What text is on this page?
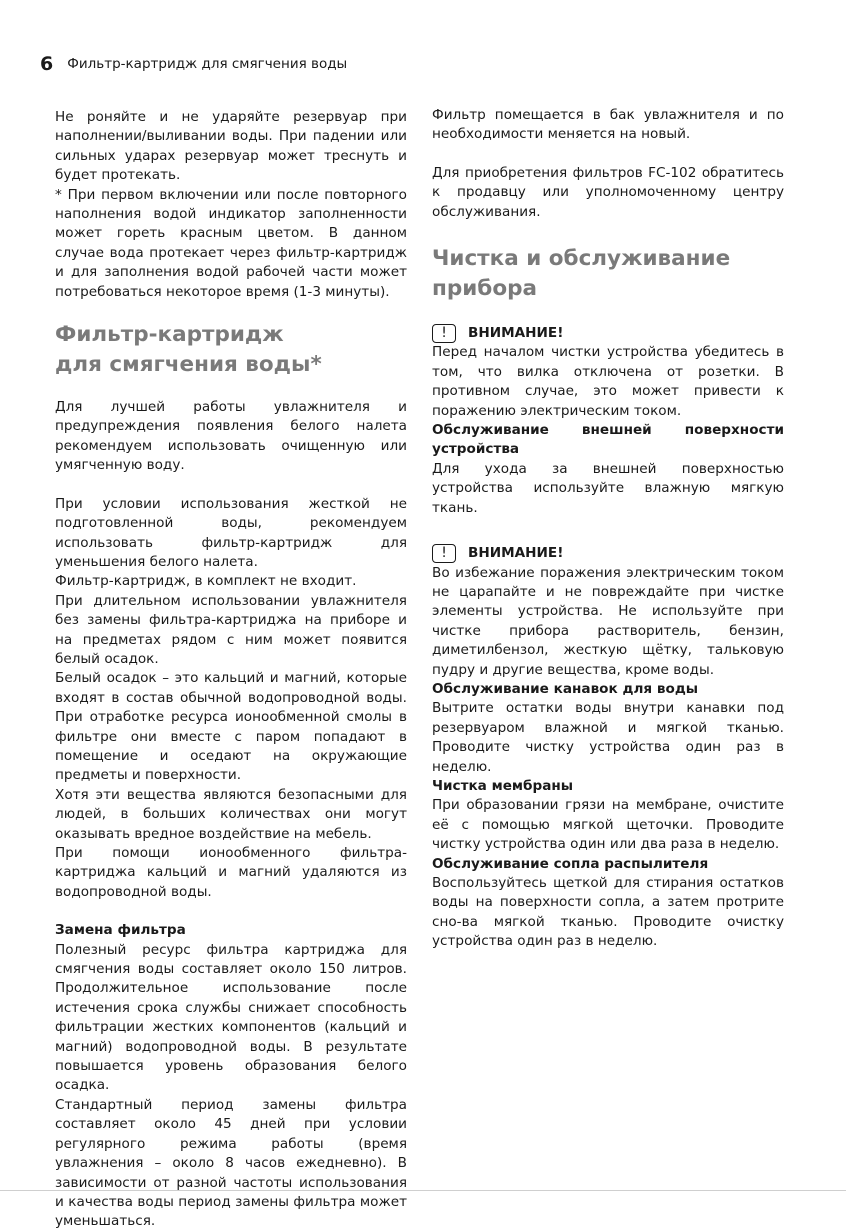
6 Фильтр-картридж для смягчения воды

Не роняйте и не ударяйте резервуар при наполнении/выливании воды. При падении или сильных ударах резервуар может треснуть и будет протекать.

* При первом включении или после повторного наполнения водой индикатор заполненности может гореть красным цветом. В данном случае вода протекает через фильтр-картридж и для заполнения водой рабочей части может потребоваться некоторое время (1-3 минуты).

Фильтр-картридж
для смягчения воды*

Для лучшей работы увлажнителя и предупреждения появления белого налета рекомендуем использовать очищенную или умягченную воду.

При условии использования жесткой не подготовленной воды, рекомендуем использовать фильтр-картридж для уменьшения белого налета.

Фильтр-картридж, в комплект не входит.

При длительном использовании увлажнителя без замены фильтра-картриджа на приборе и на предметах рядом с ним может появится белый осадок.

Белый осадок – это кальций и магний, которые входят в состав обычной водопроводной воды. При отработке ресурса ионообменной смолы в фильтре они вместе с паром попадают в помещение и оседают на окружающие предметы и поверхности.

Хотя эти вещества являются безопасными для людей, в больших количествах они могут оказывать вредное воздействие на мебель.

При помощи ионообменного фильтра-картриджа кальций и магний удаляются из водопроводной воды.

Замена фильтра

Полезный ресурс фильтра картриджа для смягчения воды составляет около 150 литров. Продолжительное использование после истечения срока службы снижает способность фильтрации жестких компонентов (кальций и магний) водопроводной воды. В результате повышается уровень образования белого осадка.

Стандартный период замены фильтра составляет около 45 дней при условии регулярного режима работы (время увлажнения – около 8 часов ежедневно). В зависимости от разной частоты использования и качества воды период замены фильтра может уменьшаться.

Фильтр помещается в бак увлажнителя и по необходимости меняется на новый.

Для приобретения фильтров FC-102 обратитесь к продавцу или уполномоченному центру обслуживания.

Чистка и обслуживание прибора
!	ВНИМАНИЕ!

Перед началом чистки устройства убедитесь в том, что вилка отключена от розетки. В противном случае, это может привести к поражению электрическим током.

Обслуживание внешней поверхности устройства

Для ухода за внешней поверхностью устройства используйте влажную мягкую ткань.

!	ВНИМАНИЕ!

Во избежание поражения электрическим током не царапайте и не повреждайте при чистке элементы устройства. Не используйте при чистке прибора растворитель, бензин, диметилбензол, жесткую щётку, тальковую пудру и другие вещества, кроме воды.

Обслуживание канавок для воды

Вытрите остатки воды внутри канавки под резервуаром влажной и мягкой тканью. Проводите чистку устройства один раз в неделю.

Чистка мембраны

При образовании грязи на мембране, очистите её с помощью мягкой щеточки. Проводите чистку устройства один или два раза в неделю.

Обслуживание сопла распылителя

Воспользуйтесь щеткой для стирания остатков воды на поверхности сопла, а затем протрите сно-ва мягкой тканью. Проводите очистку устройства один раз в неделю.
